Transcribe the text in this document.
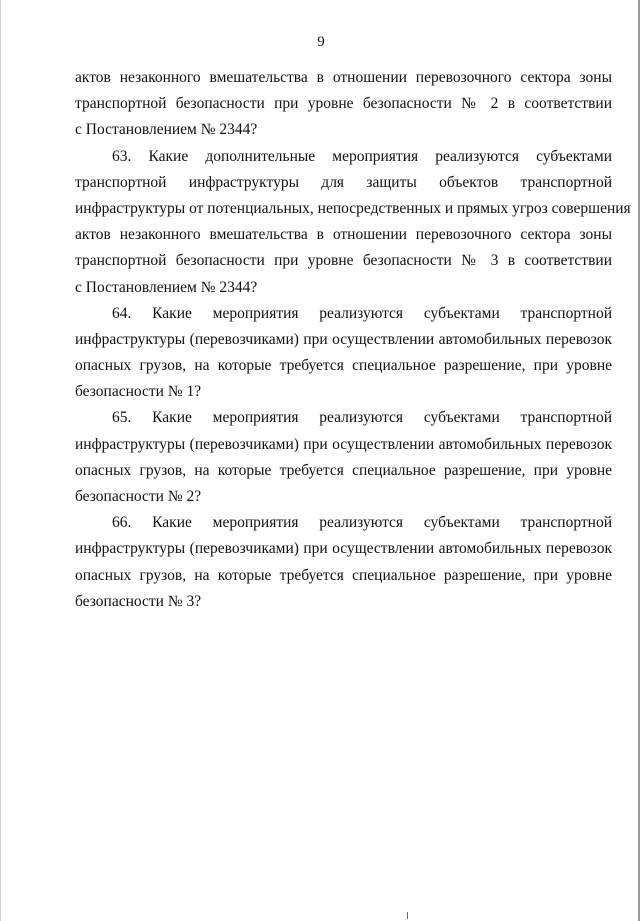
9
актов незаконного вмешательства в отношении перевозочного сектора зоны
транспортной безопасности при уровне безопасности № 2 в соответствии
с Постановлением № 2344?
63. Какие дополнительные мероприятия реализуются субъектами
транспортной инфраструктуры для защиты объектов транспортной
инфраструктуры от потенциальных, непосредственных и прямых угроз совершения
актов незаконного вмешательства в отношении перевозочного сектора зоны
транспортной безопасности при уровне безопасности № 3 в соответствии
с Постановлением № 2344?
64. Какие мероприятия реализуются субъектами транспортной
инфраструктуры (перевозчиками) при осуществлении автомобильных перевозок
опасных грузов, на которые требуется специальное разрешение, при уровне
безопасности № 1?
65. Какие мероприятия реализуются субъектами транспортной
инфраструктуры (перевозчиками) при осуществлении автомобильных перевозок
опасных грузов, на которые требуется специальное разрешение, при уровне
безопасности № 2?
66. Какие мероприятия реализуются субъектами транспортной
инфраструктуры (перевозчиками) при осуществлении автомобильных перевозок
опасных грузов, на которые требуется специальное разрешение, при уровне
безопасности № 3?
